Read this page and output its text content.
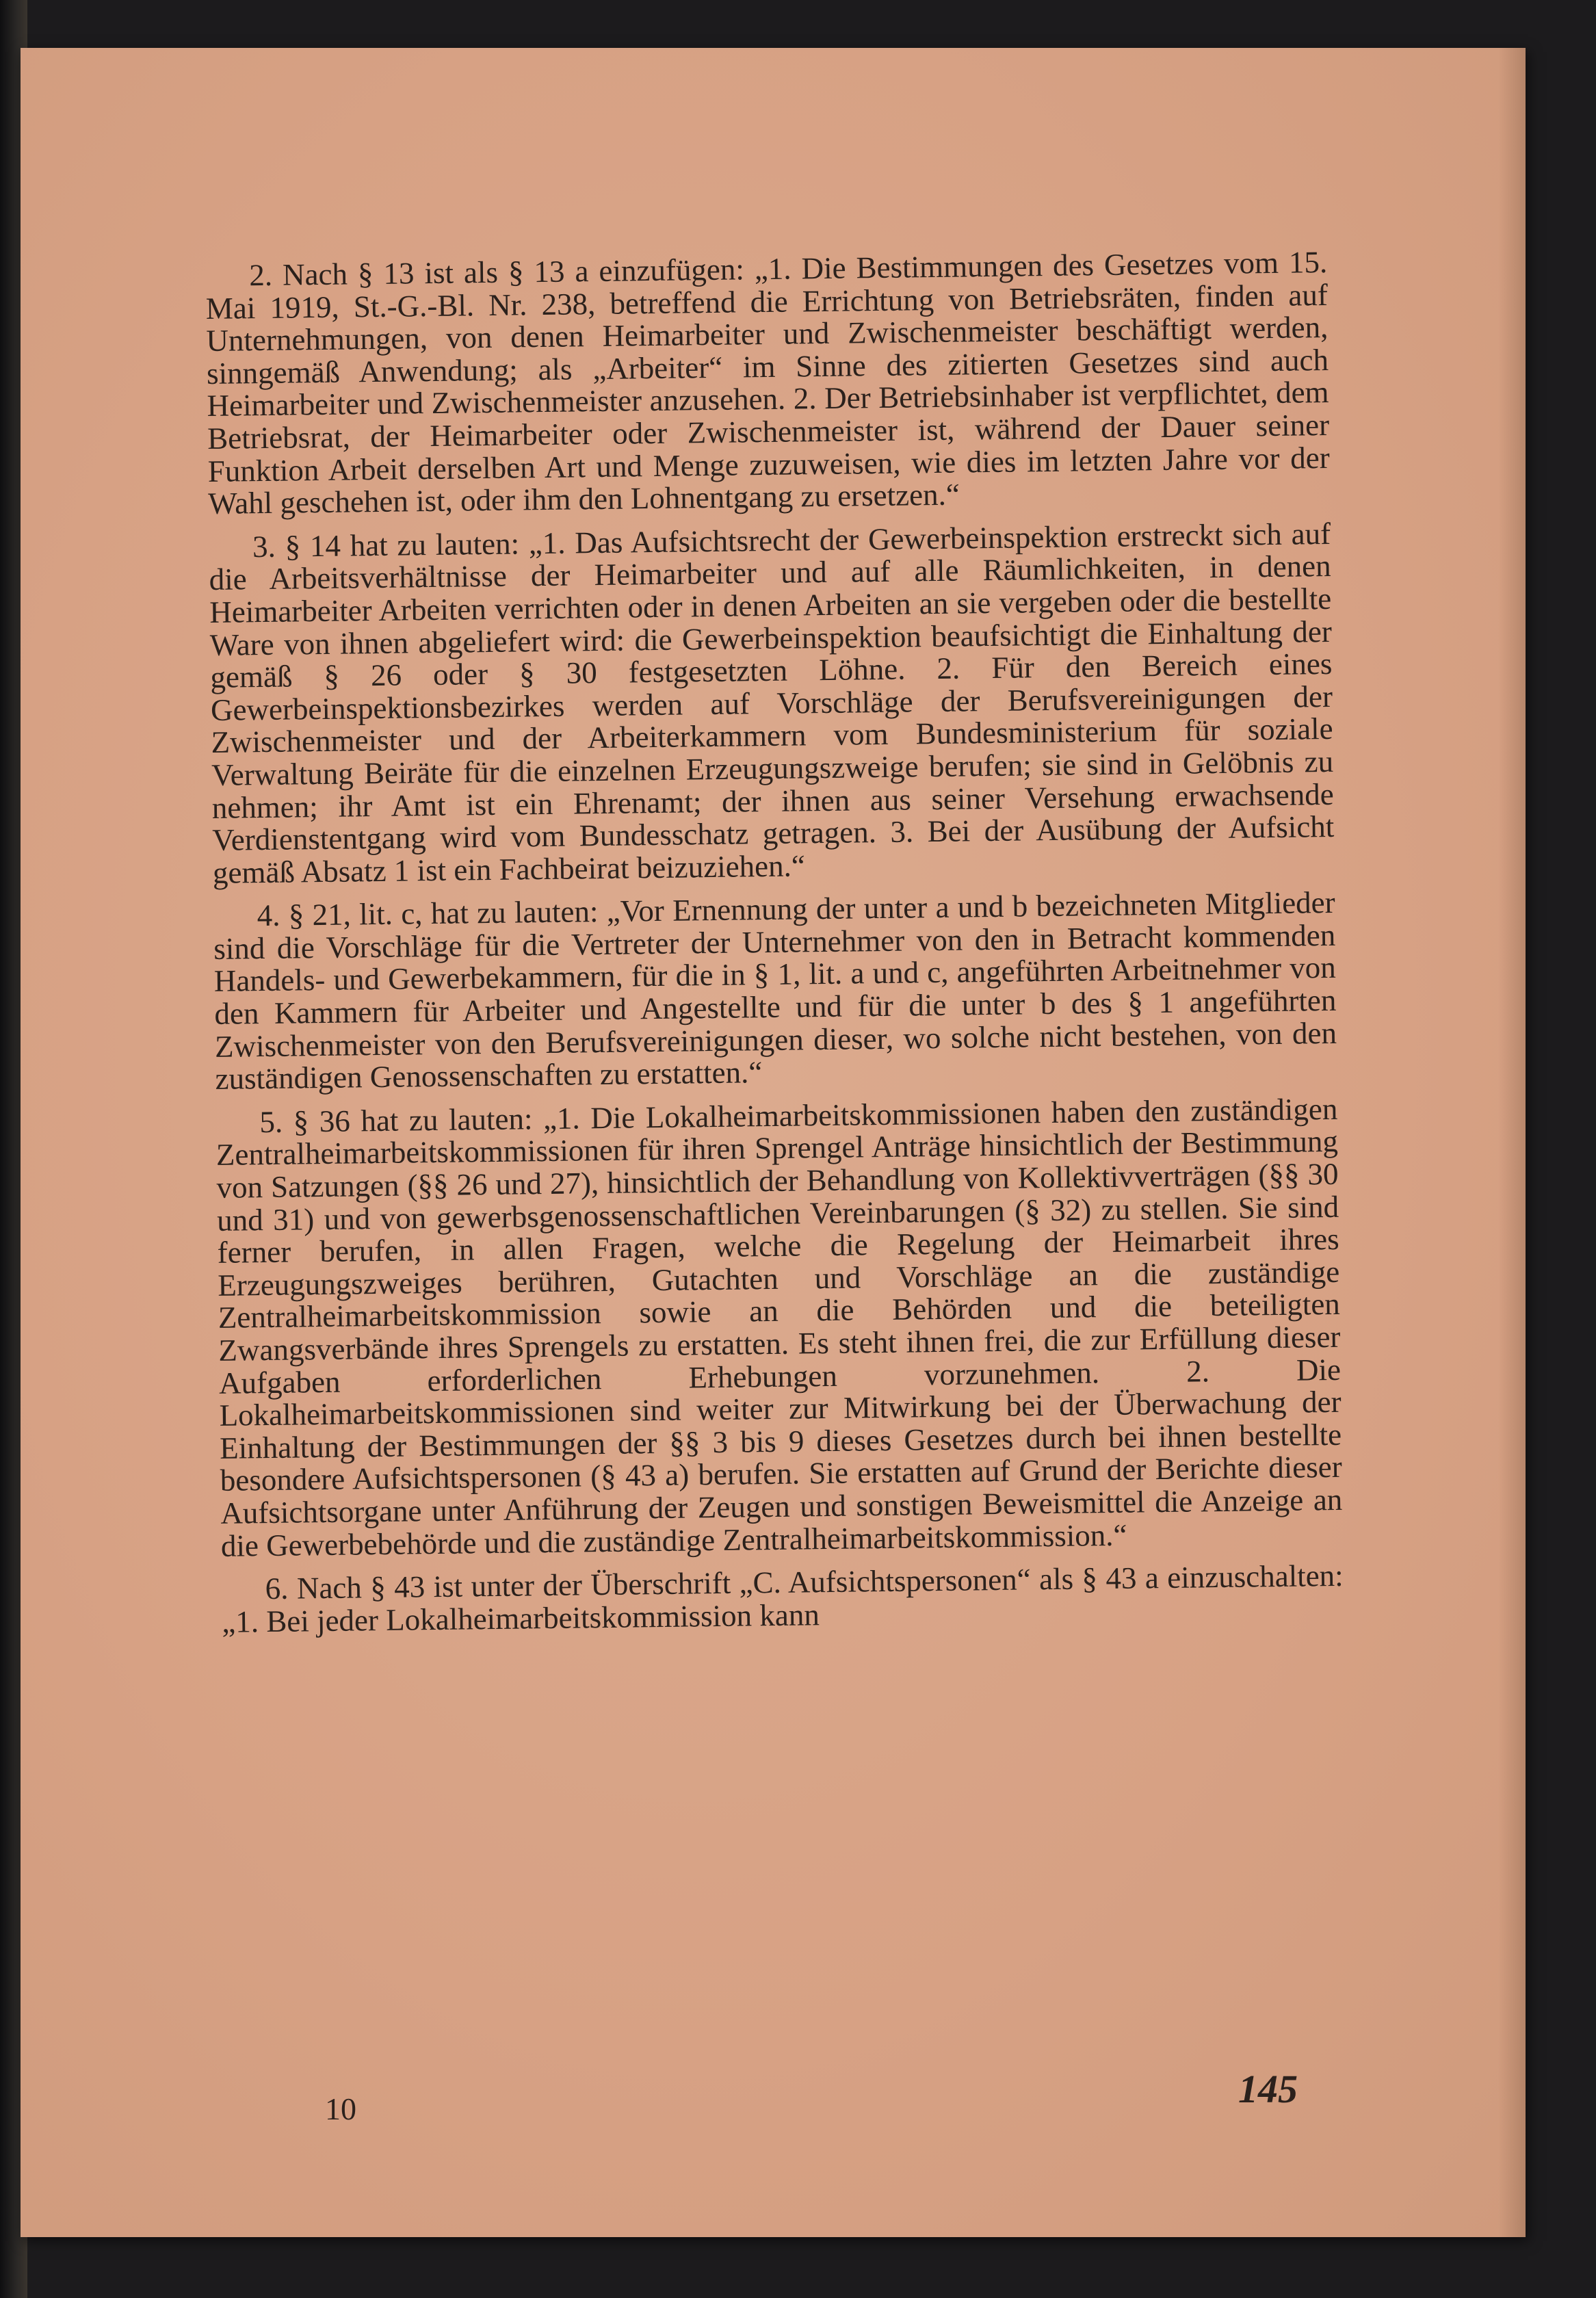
2. Nach § 13 ist als § 13 a einzufügen: „1. Die Bestimmungen des Gesetzes vom 15. Mai 1919, St.-G.-Bl. Nr. 238, betreffend die Errichtung von Betriebsräten, finden auf Unternehmungen, von denen Heimarbeiter und Zwischenmeister beschäftigt werden, sinngemäß Anwendung; als „Arbeiter“ im Sinne des zitierten Gesetzes sind auch Heimarbeiter und Zwischenmeister anzusehen. 2. Der Betriebsinhaber ist verpflichtet, dem Betriebsrat, der Heimarbeiter oder Zwischenmeister ist, während der Dauer seiner Funktion Arbeit derselben Art und Menge zuzuweisen, wie dies im letzten Jahre vor der Wahl geschehen ist, oder ihm den Lohnentgang zu ersetzen.“

3. § 14 hat zu lauten: „1. Das Aufsichtsrecht der Gewerbeinspektion erstreckt sich auf die Arbeitsverhältnisse der Heimarbeiter und auf alle Räumlichkeiten, in denen Heimarbeiter Arbeiten verrichten oder in denen Arbeiten an sie vergeben oder die bestellte Ware von ihnen abgeliefert wird: die Gewerbeinspektion beaufsichtigt die Einhaltung der gemäß § 26 oder § 30 festgesetzten Löhne. 2. Für den Bereich eines Gewerbeinspektionsbezirkes werden auf Vorschläge der Berufsvereinigungen der Zwischenmeister und der Arbeiterkammern vom Bundesministerium für soziale Verwaltung Beiräte für die einzelnen Erzeugungszweige berufen; sie sind in Gelöbnis zu nehmen; ihr Amt ist ein Ehrenamt; der ihnen aus seiner Versehung erwachsende Verdienstentgang wird vom Bundesschatz getragen. 3. Bei der Ausübung der Aufsicht gemäß Absatz 1 ist ein Fachbeirat beizuziehen.“

4. § 21, lit. c, hat zu lauten: „Vor Ernennung der unter a und b bezeichneten Mitglieder sind die Vorschläge für die Vertreter der Unternehmer von den in Betracht kommenden Handels- und Gewerbekammern, für die in § 1, lit. a und c, angeführten Arbeitnehmer von den Kammern für Arbeiter und Angestellte und für die unter b des § 1 angeführten Zwischenmeister von den Berufsvereinigungen dieser, wo solche nicht bestehen, von den zuständigen Genossenschaften zu erstatten.“

5. § 36 hat zu lauten: „1. Die Lokalheimarbeitskommissionen haben den zuständigen Zentralheimarbeitskommissionen für ihren Sprengel Anträge hinsichtlich der Bestimmung von Satzungen (§§ 26 und 27), hinsichtlich der Behandlung von Kollektivverträgen (§§ 30 und 31) und von gewerbsgenossenschaftlichen Vereinbarungen (§ 32) zu stellen. Sie sind ferner berufen, in allen Fragen, welche die Regelung der Heimarbeit ihres Erzeugungszweiges berühren, Gutachten und Vorschläge an die zuständige Zentralheimarbeitskommission sowie an die Behörden und die beteiligten Zwangsverbände ihres Sprengels zu erstatten. Es steht ihnen frei, die zur Erfüllung dieser Aufgaben erforderlichen Erhebungen vorzunehmen. 2. Die Lokalheimarbeitskommissionen sind weiter zur Mitwirkung bei der Überwachung der Einhaltung der Bestimmungen der §§ 3 bis 9 dieses Gesetzes durch bei ihnen bestellte besondere Aufsichtspersonen (§ 43 a) berufen. Sie erstatten auf Grund der Berichte dieser Aufsichtsorgane unter Anführung der Zeugen und sonstigen Beweismittel die Anzeige an die Gewerbebehörde und die zuständige Zentralheimarbeitskommission.“

6. Nach § 43 ist unter der Überschrift „C. Aufsichtspersonen“ als § 43 a einzuschalten: „1. Bei jeder Lokalheimarbeitskommission kann

10	145
